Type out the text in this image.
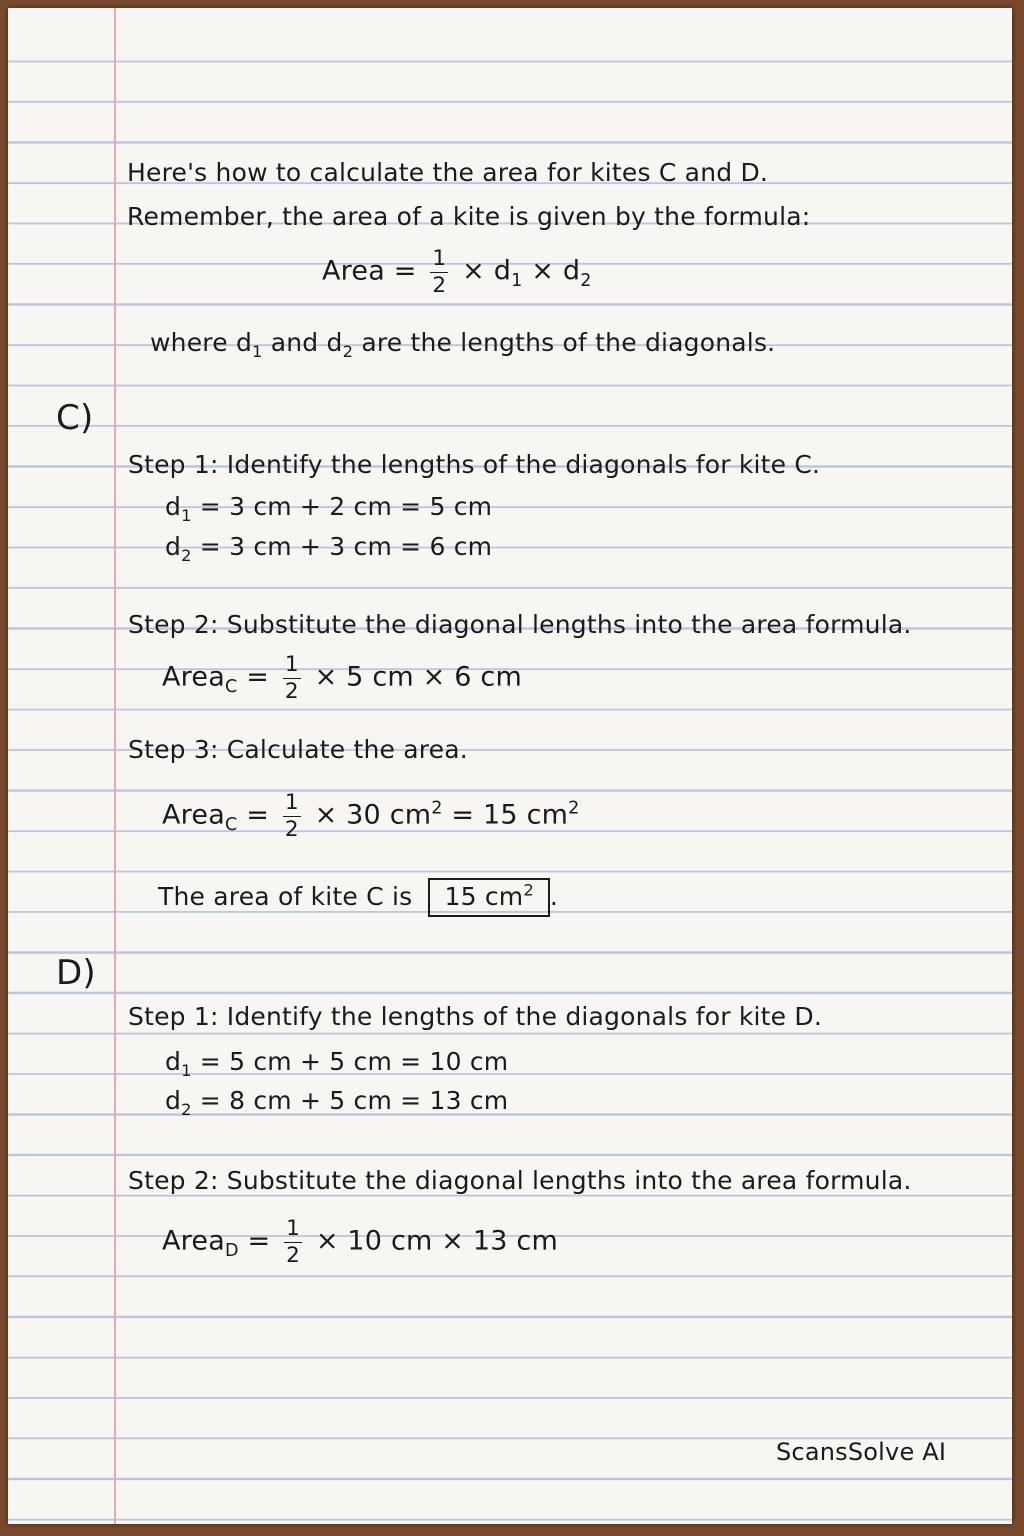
Here's how to calculate the area for kites C and D.
Remember, the area of a kite is given by the formula:
Area = $\frac{1}{2} \times d_1 \times d_2$
where $d_1$ and $d_2$ are the lengths of the diagonals.
C)
Step 1: Identify the lengths of the diagonals for kite C.
$d_1 = 3$ cm + 2 cm = 5 cm
$d_2 = 3$ cm + 3 cm = 6 cm
Step 2: Substitute the diagonal lengths into the area formula.
Area$_C$ = $\frac{1}{2} \times 5$ cm × 6 cm
Step 3: Calculate the area.
Area$_C$ = $\frac{1}{2} \times 30$ $cm^2 = 15$ $cm^2$
The area of kite C is 15 $cm^2$ .
D)
Step 1: Identify the lengths of the diagonals for kite D.
$d_1 = 5$ cm + 5 cm = 10 cm
$d_2 = 8$ cm + 5 cm = 13 cm
Step 2: Substitute the diagonal lengths into the area formula.
Area$_D$ = $\frac{1}{2} \times 10$ cm × 13 cm
ScansSolve AI
